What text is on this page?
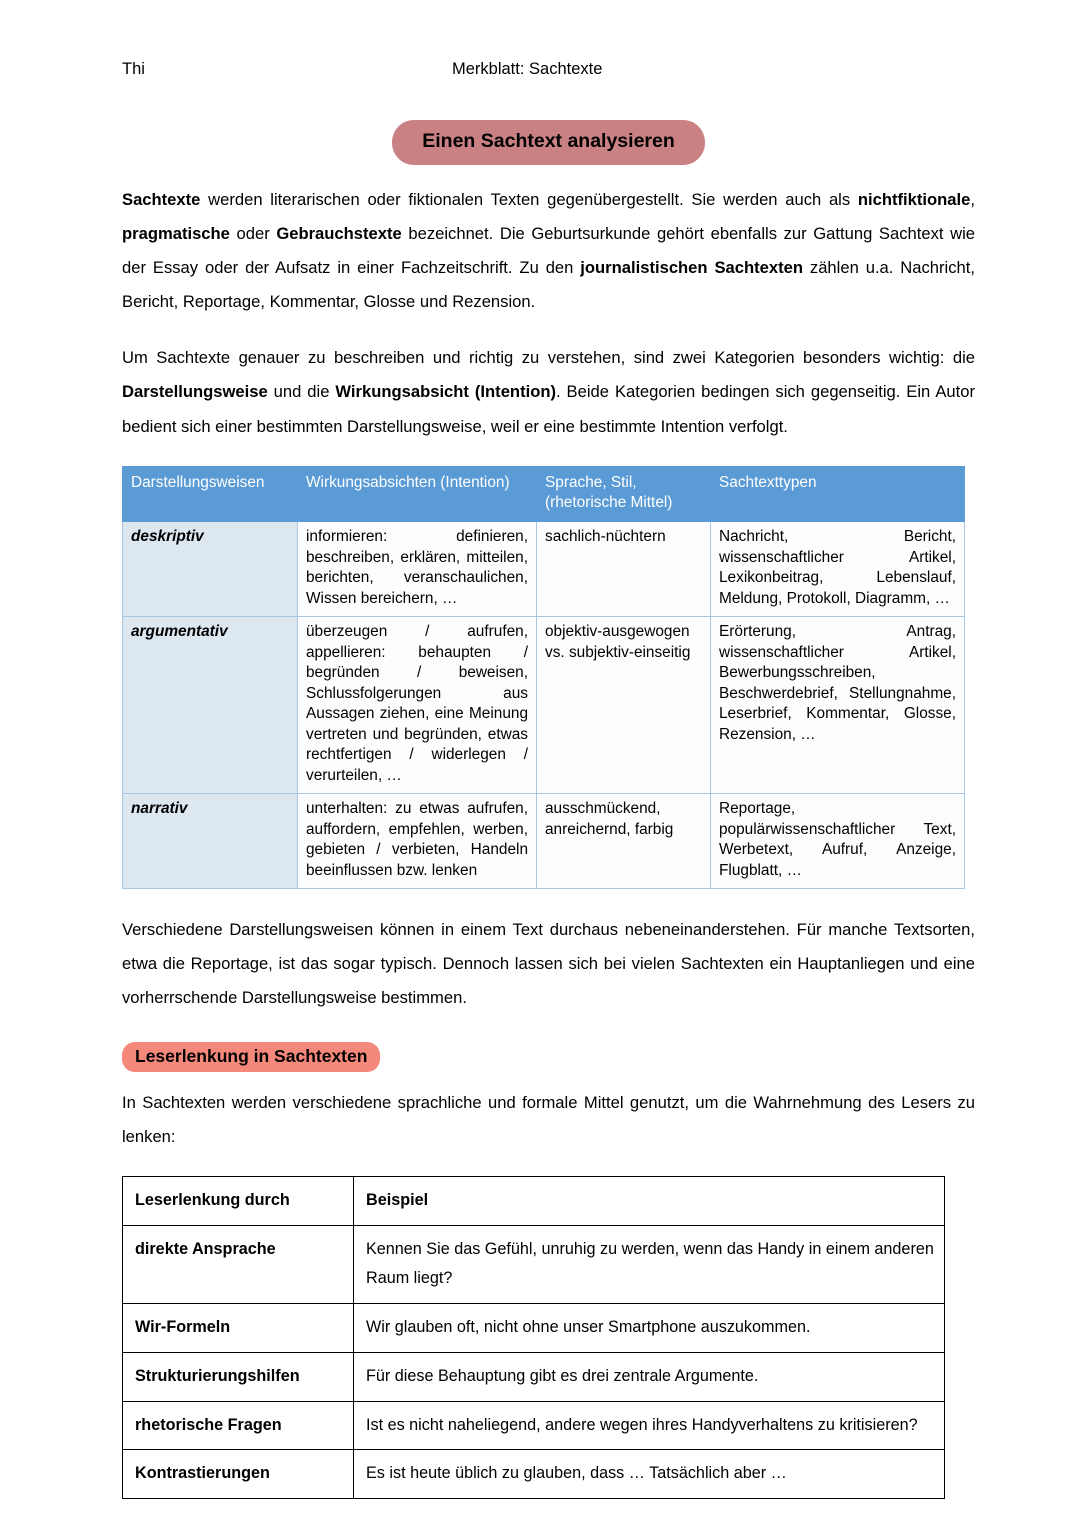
Thi	Merkblatt: Sachtexte
Einen Sachtext analysieren

Sachtexte werden literarischen oder fiktionalen Texten gegenübergestellt. Sie werden auch als nichtfiktionale, pragmatische oder Gebrauchstexte bezeichnet. Die Geburtsurkunde gehört ebenfalls zur Gattung Sachtext wie der Essay oder der Aufsatz in einer Fachzeitschrift. Zu den journalistischen Sachtexten zählen u.a. Nachricht, Bericht, Reportage, Kommentar, Glosse und Rezension.

Um Sachtexte genauer zu beschreiben und richtig zu verstehen, sind zwei Kategorien besonders wichtig: die Darstellungsweise und die Wirkungsabsicht (Intention). Beide Kategorien bedingen sich gegenseitig. Ein Autor bedient sich einer bestimmten Darstellungsweise, weil er eine bestimmte Intention verfolgt.

Darstellungsweisen	Wirkungsabsichten (Intention)	Sprache, Stil, (rhetorische Mittel)	Sachtexttypen
deskriptiv	informieren: definieren, beschreiben, erklären, mitteilen, berichten, veranschaulichen, Wissen bereichern, …	sachlich-nüchtern	Nachricht, Bericht, wissenschaftlicher Artikel, Lexikonbeitrag, Lebenslauf, Meldung, Protokoll, Diagramm, …
argumentativ	überzeugen / aufrufen, appellieren: behaupten / begründen / beweisen, Schlussfolgerungen aus Aussagen ziehen, eine Meinung vertreten und begründen, etwas rechtfertigen / widerlegen / verurteilen, …	objektiv-ausgewogen vs. subjektiv-einseitig	Erörterung, Antrag, wissenschaftlicher Artikel, Bewerbungsschreiben, Beschwerdebrief, Stellungnahme, Leserbrief, Kommentar, Glosse, Rezension, …
narrativ	unterhalten: zu etwas aufrufen, auffordern, empfehlen, werben, gebieten / verbieten, Handeln beeinflussen bzw. lenken	ausschmückend, anreichernd, farbig	Reportage, populärwissenschaftlicher Text, Werbetext, Aufruf, Anzeige, Flugblatt, …

Verschiedene Darstellungsweisen können in einem Text durchaus nebeneinanderstehen. Für manche Textsorten, etwa die Reportage, ist das sogar typisch. Dennoch lassen sich bei vielen Sachtexten ein Hauptanliegen und eine vorherrschende Darstellungsweise bestimmen.

Leserlenkung in Sachtexten

In Sachtexten werden verschiedene sprachliche und formale Mittel genutzt, um die Wahrnehmung des Lesers zu lenken:

Leserlenkung durch	Beispiel
direkte Ansprache	Kennen Sie das Gefühl, unruhig zu werden, wenn das Handy in einem anderen Raum liegt?
Wir-Formeln	Wir glauben oft, nicht ohne unser Smartphone auszukommen.
Strukturierungshilfen	Für diese Behauptung gibt es drei zentrale Argumente.
rhetorische Fragen	Ist es nicht naheliegend, andere wegen ihres Handyverhaltens zu kritisieren?
Kontrastierungen	Es ist heute üblich zu glauben, dass … Tatsächlich aber …
